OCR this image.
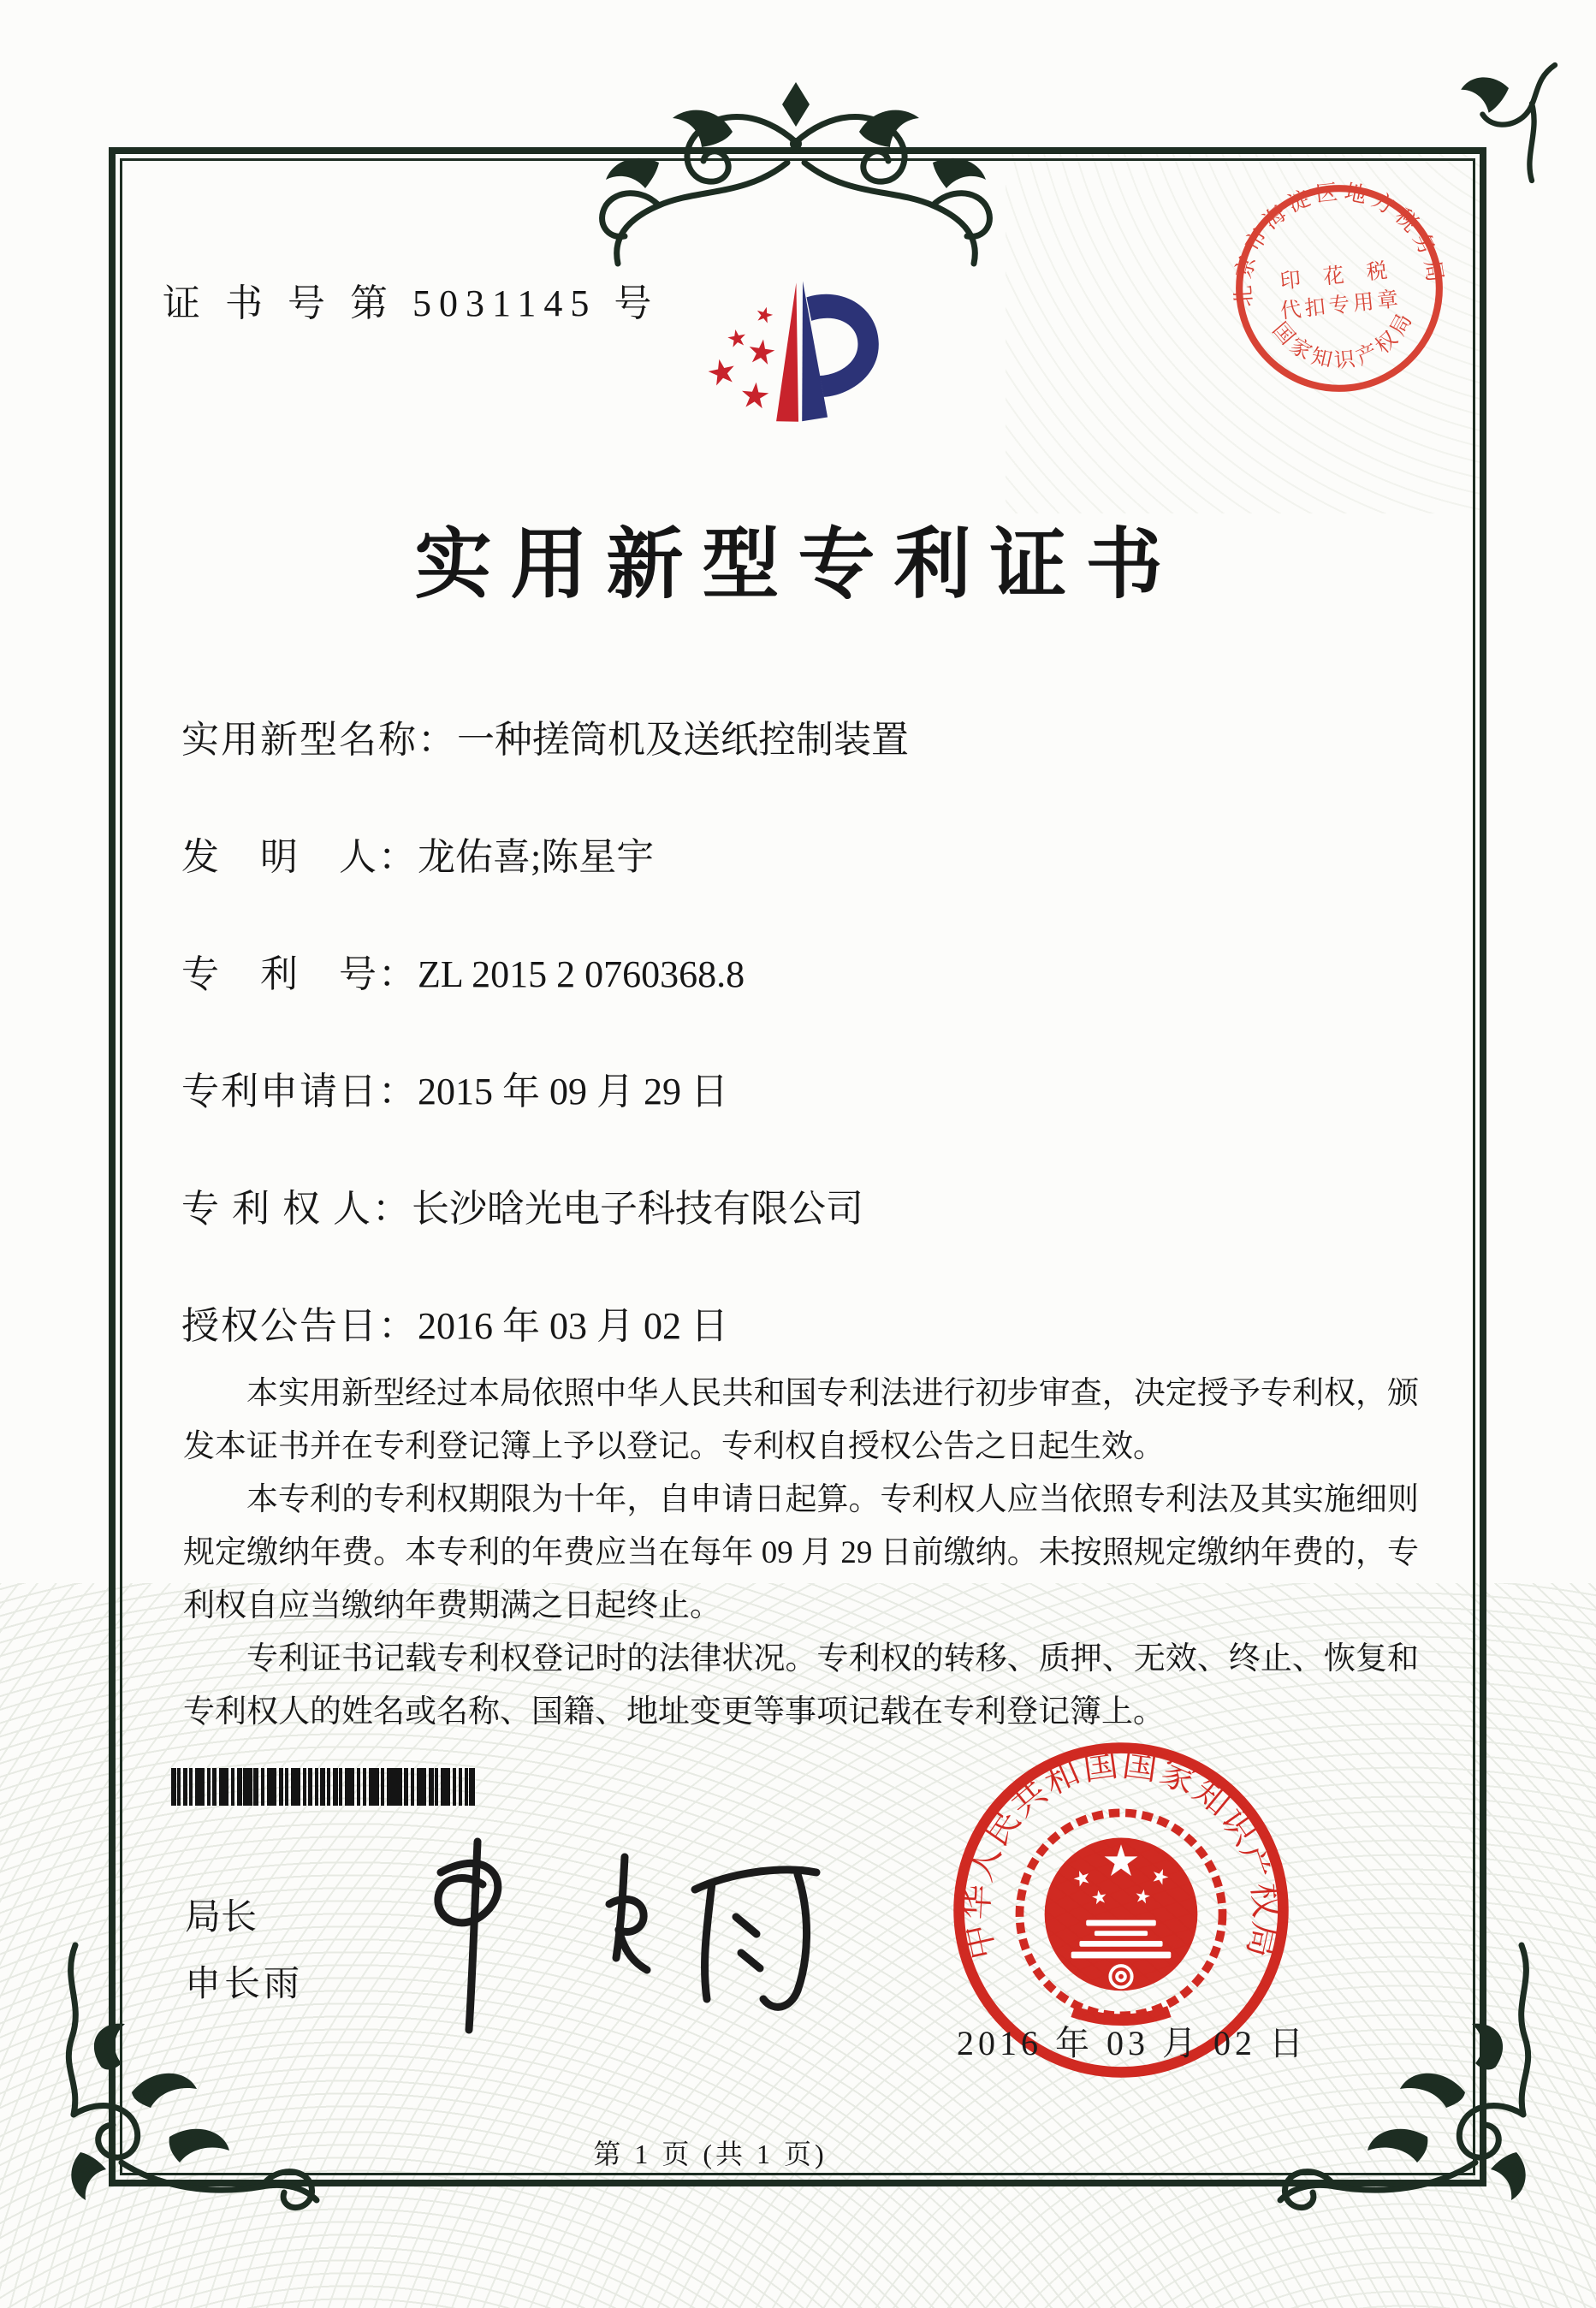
证 书 号 第 5031145 号
实用新型专利证书
实用新型名称：一种搓筒机及送纸控制装置
发　明　人：龙佑喜;陈星宇
专　利　号：ZL 2015 2 0760368.8
专利申请日：2015 年 09 月 29 日
专 利 权 人：长沙晗光电子科技有限公司
授权公告日：2016 年 03 月 02 日

本实用新型经过本局依照中华人民共和国专利法进行初步审查，决定授予专利权，颁发本证书并在专利登记簿上予以登记。专利权自授权公告之日起生效。

本专利的专利权期限为十年，自申请日起算。专利权人应当依照专利法及其实施细则规定缴纳年费。本专利的年费应当在每年 09 月 29 日前缴纳。未按照规定缴纳年费的，专利权自应当缴纳年费期满之日起终止。

专利证书记载专利权登记时的法律状况。专利权的转移、质押、无效、终止、恢复和专利权人的姓名或名称、国籍、地址变更等事项记载在专利登记簿上。

局长
申长雨
中华人民共和国国家知识产权局
2016 年 03 月 02 日
北京市海淀区地方税务局
印 花 税
代扣专用章
国家知识产权局
第 1 页 (共 1 页)
